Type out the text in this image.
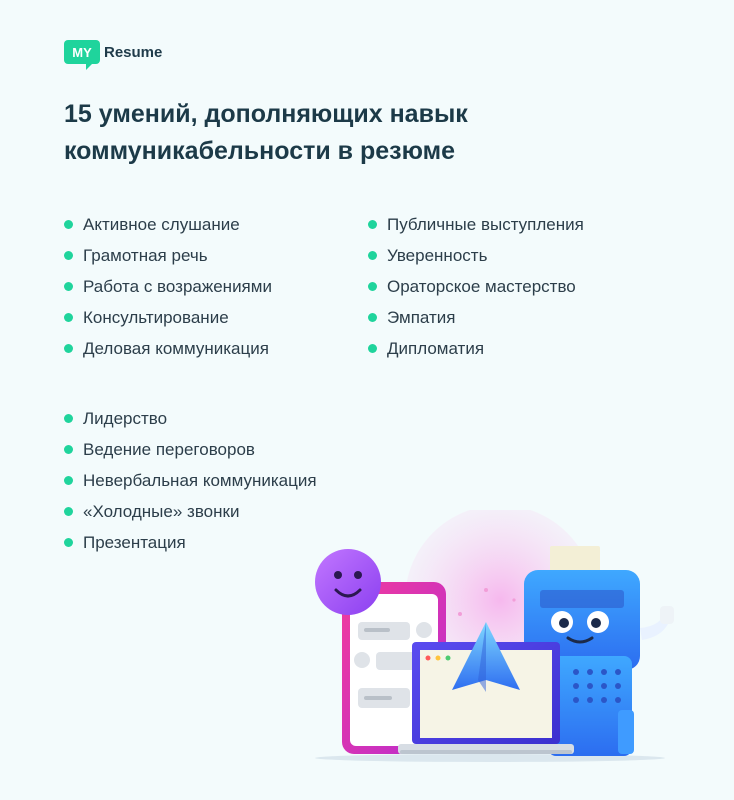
MY Resume
15 умений, дополняющих навык
коммуникабельности в резюме
Активное слушание
Грамотная речь
Работа с возражениями
Консультирование
Деловая коммуникация
Публичные выступления
Уверенность
Ораторское мастерство
Эмпатия
Дипломатия
Лидерство
Ведение переговоров
Невербальная коммуникация
«Холодные» звонки
Презентация
